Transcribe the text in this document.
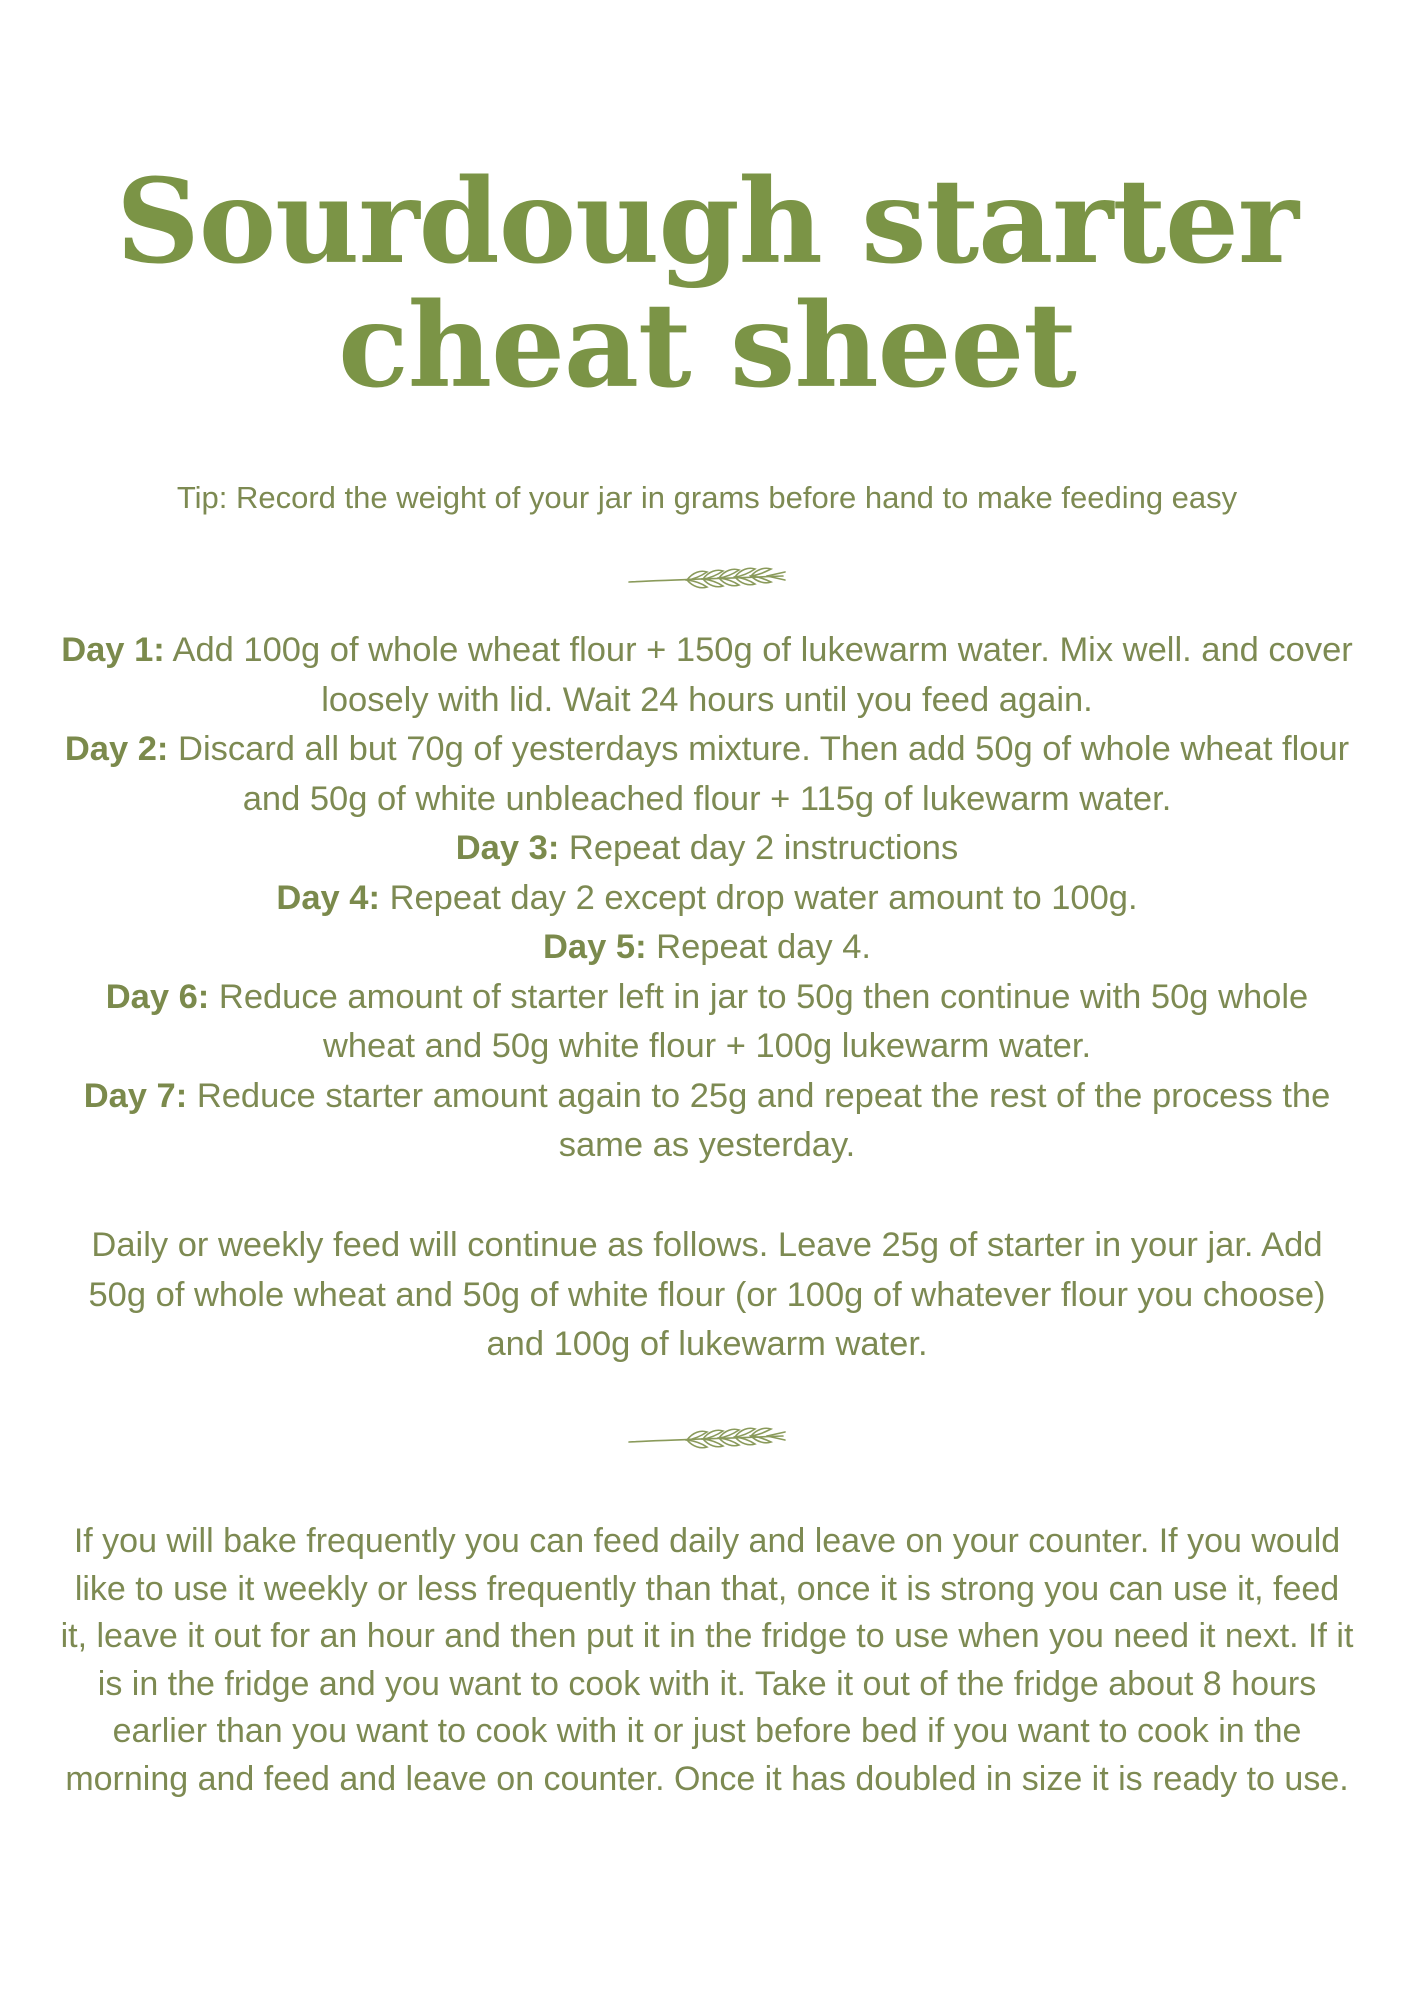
Sourdough starter
cheat sheet
Tip: Record the weight of your jar in grams before hand to make feeding easy
Day 1: Add 100g of whole wheat flour + 150g of lukewarm water. Mix well. and cover loosely with lid. Wait 24 hours until you feed again.
Day 2: Discard all but 70g of yesterdays mixture. Then add 50g of whole wheat flour and 50g of white unbleached flour + 115g of lukewarm water.
Day 3: Repeat day 2 instructions
Day 4: Repeat day 2 except drop water amount to 100g.
Day 5: Repeat day 4.
Day 6: Reduce amount of starter left in jar to 50g then continue with 50g whole wheat and 50g white flour + 100g lukewarm water.
Day 7: Reduce starter amount again to 25g and repeat the rest of the process the same as yesterday.
Daily or weekly feed will continue as follows. Leave 25g of starter in your jar. Add 50g of whole wheat and 50g of white flour (or 100g of whatever flour you choose) and 100g of lukewarm water.
If you will bake frequently you can feed daily and leave on your counter. If you would like to use it weekly or less frequently than that, once it is strong you can use it, feed it, leave it out for an hour and then put it in the fridge to use when you need it next. If it is in the fridge and you want to cook with it. Take it out of the fridge about 8 hours earlier than you want to cook with it or just before bed if you want to cook in the morning and feed and leave on counter. Once it has doubled in size it is ready to use.
